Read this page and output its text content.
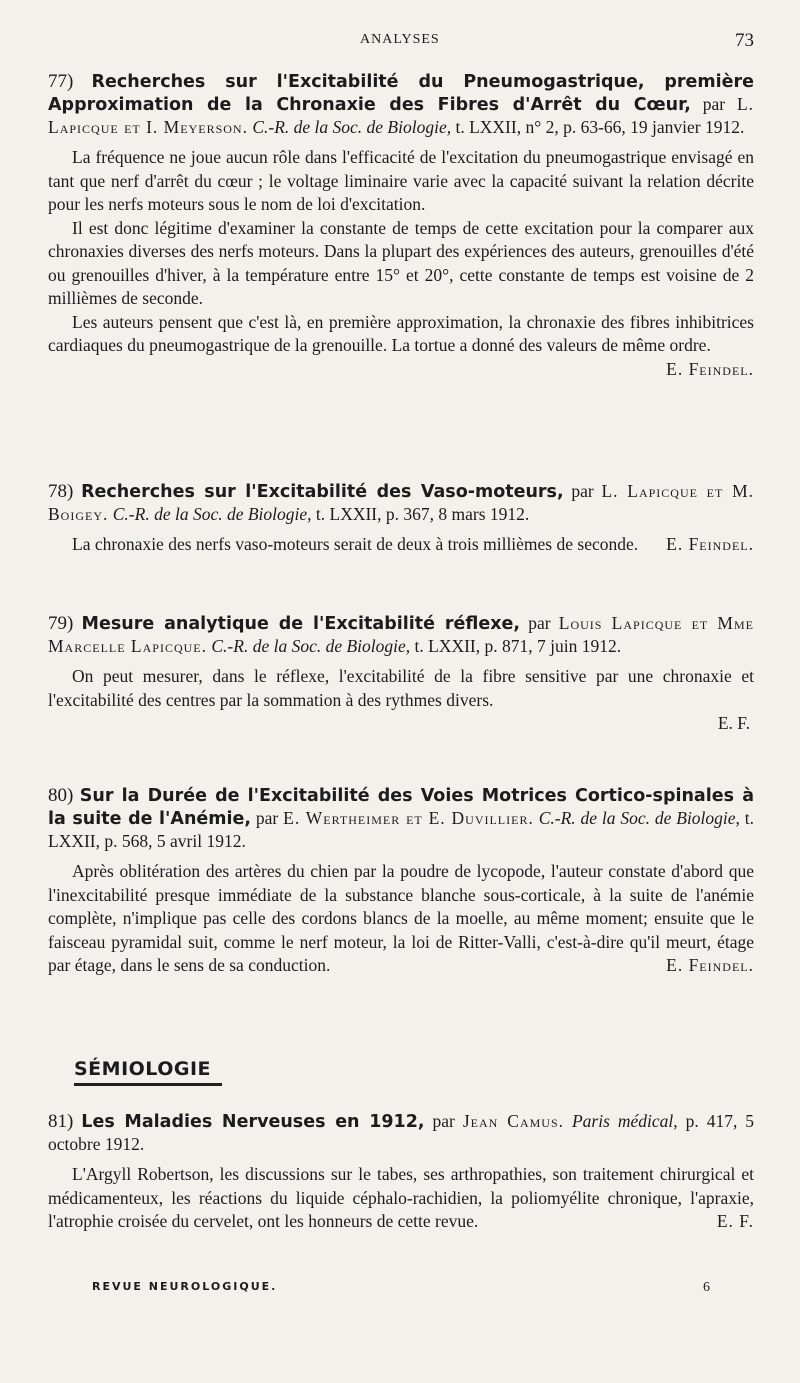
ANALYSES	73

77) Recherches sur l'Excitabilité du Pneumogastrique, première Approximation de la Chronaxie des Fibres d'Arrêt du Cœur, par L. Lapicque et I. Meyerson. C.-R. de la Soc. de Biologie, t. LXXII, n° 2, p. 63-66, 19 janvier 1912.

La fréquence ne joue aucun rôle dans l'efficacité de l'excitation du pneumogastrique envisagé en tant que nerf d'arrêt du cœur ; le voltage liminaire varie avec la capacité suivant la relation décrite pour les nerfs moteurs sous le nom de loi d'excitation.

Il est donc légitime d'examiner la constante de temps de cette excitation pour la comparer aux chronaxies diverses des nerfs moteurs. Dans la plupart des expériences des auteurs, grenouilles d'été ou grenouilles d'hiver, à la température entre 15° et 20°, cette constante de temps est voisine de 2 millièmes de seconde.

Les auteurs pensent que c'est là, en première approximation, la chronaxie des fibres inhibitrices cardiaques du pneumogastrique de la grenouille. La tortue a donné des valeurs de même ordre.
E. Feindel.

78) Recherches sur l'Excitabilité des Vaso-moteurs, par L. Lapicque et M. Boigey. C.-R. de la Soc. de Biologie, t. LXXII, p. 367, 8 mars 1912.

La chronaxie des nerfs vaso-moteurs serait de deux à trois millièmes de seconde.	E. Feindel.

79) Mesure analytique de l'Excitabilité réflexe, par Louis Lapicque et Mme Marcelle Lapicque. C.-R. de la Soc. de Biologie, t. LXXII, p. 871, 7 juin 1912.

On peut mesurer, dans le réflexe, l'excitabilité de la fibre sensitive par une chronaxie et l'excitabilité des centres par la sommation à des rythmes divers.

E. F.

80) Sur la Durée de l'Excitabilité des Voies Motrices Cortico-spinales à la suite de l'Anémie, par E. Wertheimer et E. Duvillier. C.-R. de la Soc. de Biologie, t. LXXII, p. 568, 5 avril 1912.

Après oblitération des artères du chien par la poudre de lycopode, l'auteur constate d'abord que l'inexcitabilité presque immédiate de la substance blanche sous-corticale, à la suite de l'anémie complète, n'implique pas celle des cordons blancs de la moelle, au même moment; ensuite que le faisceau pyramidal suit, comme le nerf moteur, la loi de Ritter-Valli, c'est-à-dire qu'il meurt, étage par étage, dans le sens de sa conduction.	E. Feindel.

SÉMIOLOGIE

81) Les Maladies Nerveuses en 1912, par Jean Camus. Paris médical, p. 417, 5 octobre 1912.

L'Argyll Robertson, les discussions sur le tabes, ses arthropathies, son traitement chirurgical et médicamenteux, les réactions du liquide céphalo-rachidien, la poliomyélite chronique, l'apraxie, l'atrophie croisée du cervelet, ont les honneurs de cette revue.	E. F.

REVUE NEUROLOGIQUE.	6
